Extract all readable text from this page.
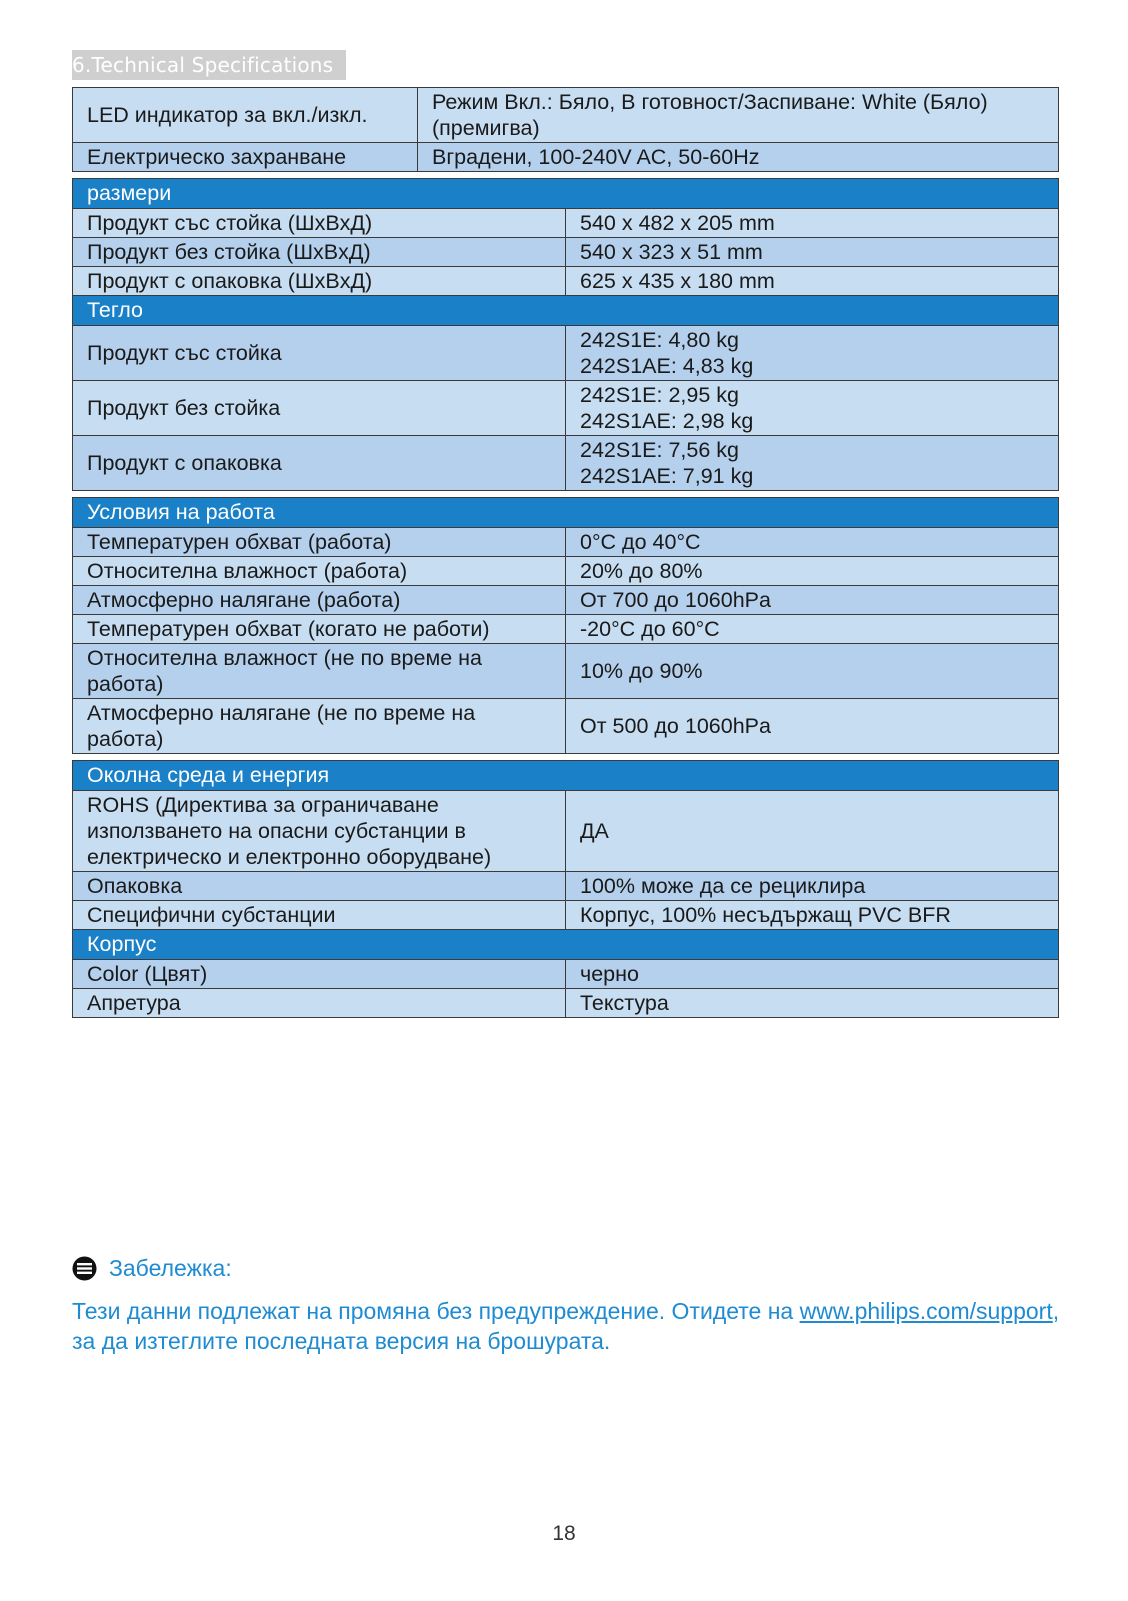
6.Technical Specifications
LED индикатор за вкл./изкл.	Режим Вкл.: Бяло, В готовност/Заспиване: White (Бяло)
(премигва)
Електрическо захранване	Вградени, 100-240V AC, 50-60Hz
размери	
Продукт със стойка (ШxВxД)	540 x 482 x 205 mm
Продукт без стойка (ШxВxД)	540 x 323 x 51 mm
Продукт с опаковка (ШxВxД)	625 x 435 x 180 mm
Тегло	
Продукт със стойка	242S1E: 4,80 kg
242S1AE: 4,83 kg
Продукт без стойка	242S1E: 2,95 kg
242S1AE: 2,98 kg
Продукт с опаковка	242S1E: 7,56 kg
242S1AE: 7,91 kg
Условия на работа	
Температурен обхват (работа)	0°C до 40°C
Относителна влажност (работа)	20% до 80%
Атмосферно налягане (работа)	От 700 до 1060hPa
Температурен обхват (когато не работи)	-20°C до 60°C
Относителна влажност (не по време на работа)	10% до 90%
Атмосферно налягане (не по време на работа)	От 500 до 1060hPa
Околна среда и енергия	
ROHS (Директива за ограничаване използването на опасни субстанции в електрическо и електронно оборудване)	ДА
Опаковка	100% може да се рециклира
Специфични субстанции	Корпус, 100% несъдържащ PVC BFR
Корпус	
Color (Цвят)	черно
Апретура	Текстура
Забележка:
Тези данни подлежат на промяна без предупреждение. Отидете на www.philips.com/support, за да изтеглите последната версия на брошурата.
18
